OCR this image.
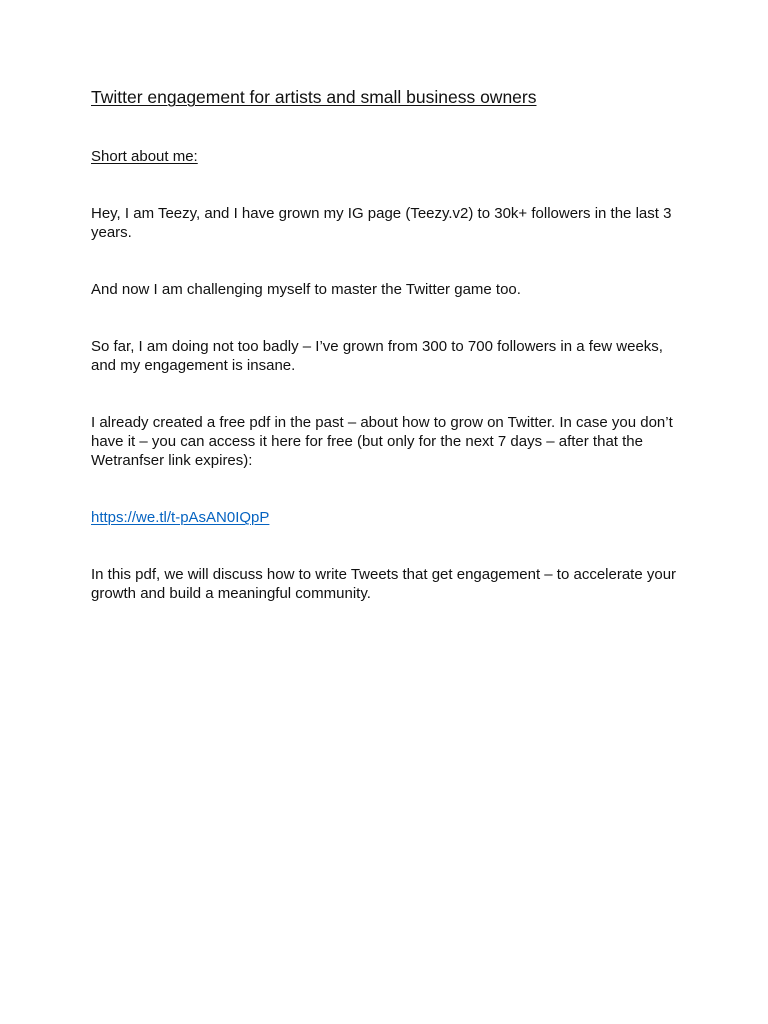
Twitter engagement for artists and small business owners

Short about me:

Hey, I am Teezy, and I have grown my IG page (Teezy.v2) to 30k+ followers in the last 3 years.

And now I am challenging myself to master the Twitter game too.

So far, I am doing not too badly – I’ve grown from 300 to 700 followers in a few weeks, and my engagement is insane.

I already created a free pdf in the past – about how to grow on Twitter. In case you don’t have it – you can access it here for free (but only for the next 7 days – after that the Wetranfser link expires):

https://we.tl/t-pAsAN0IQpP

In this pdf, we will discuss how to write Tweets that get engagement – to accelerate your growth and build a meaningful community.
